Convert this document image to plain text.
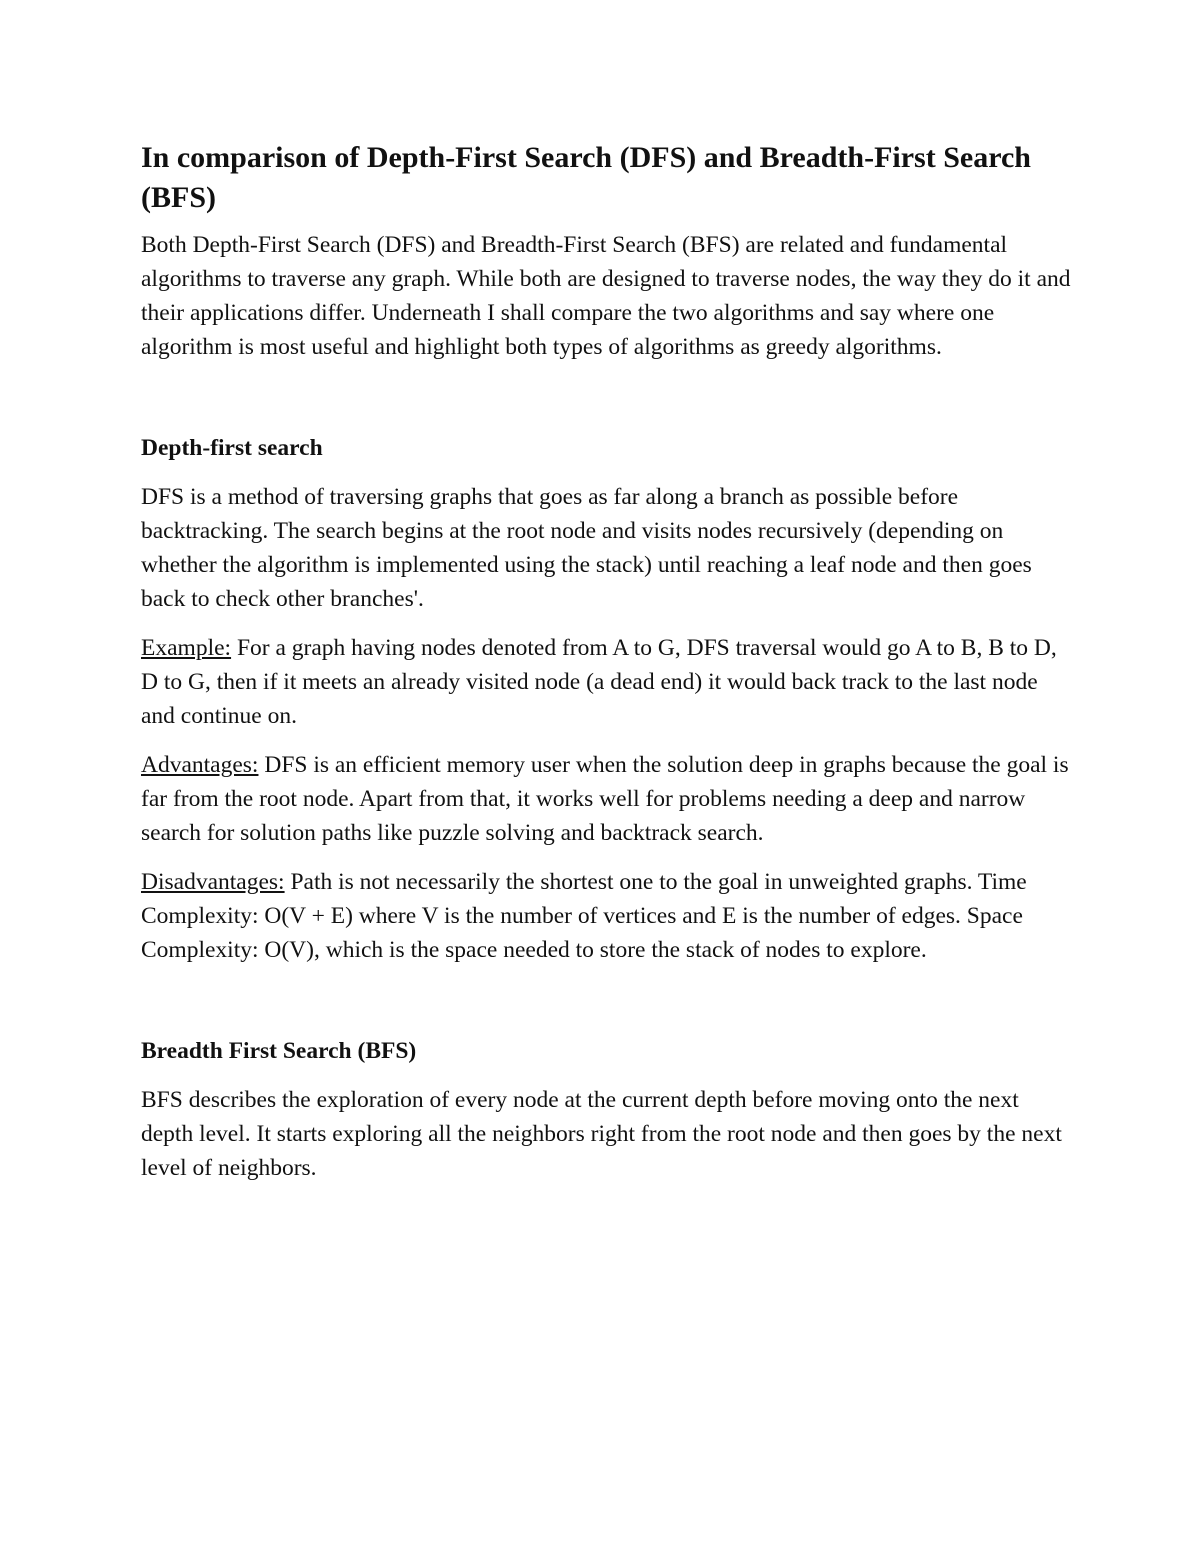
In comparison of Depth-First Search (DFS) and Breadth-First Search (BFS)

Both Depth-First Search (DFS) and Breadth-First Search (BFS) are related and fundamental algorithms to traverse any graph. While both are designed to traverse nodes, the way they do it and their applications differ. Underneath I shall compare the two algorithms and say where one algorithm is most useful and highlight both types of algorithms as greedy algorithms.

Depth-first search

DFS is a method of traversing graphs that goes as far along a branch as possible before backtracking. The search begins at the root node and visits nodes recursively (depending on whether the algorithm is implemented using the stack) until reaching a leaf node and then goes back to check other branches'.

Example: For a graph having nodes denoted from A to G, DFS traversal would go A to B, B to D, D to G, then if it meets an already visited node (a dead end) it would back track to the last node and continue on.

Advantages: DFS is an efficient memory user when the solution deep in graphs because the goal is far from the root node. Apart from that, it works well for problems needing a deep and narrow search for solution paths like puzzle solving and backtrack search.

Disadvantages: Path is not necessarily the shortest one to the goal in unweighted graphs. Time Complexity: O(V + E) where V is the number of vertices and E is the number of edges. Space Complexity: O(V), which is the space needed to store the stack of nodes to explore.

Breadth First Search (BFS)

BFS describes the exploration of every node at the current depth before moving onto the next depth level. It starts exploring all the neighbors right from the root node and then goes by the next level of neighbors.
